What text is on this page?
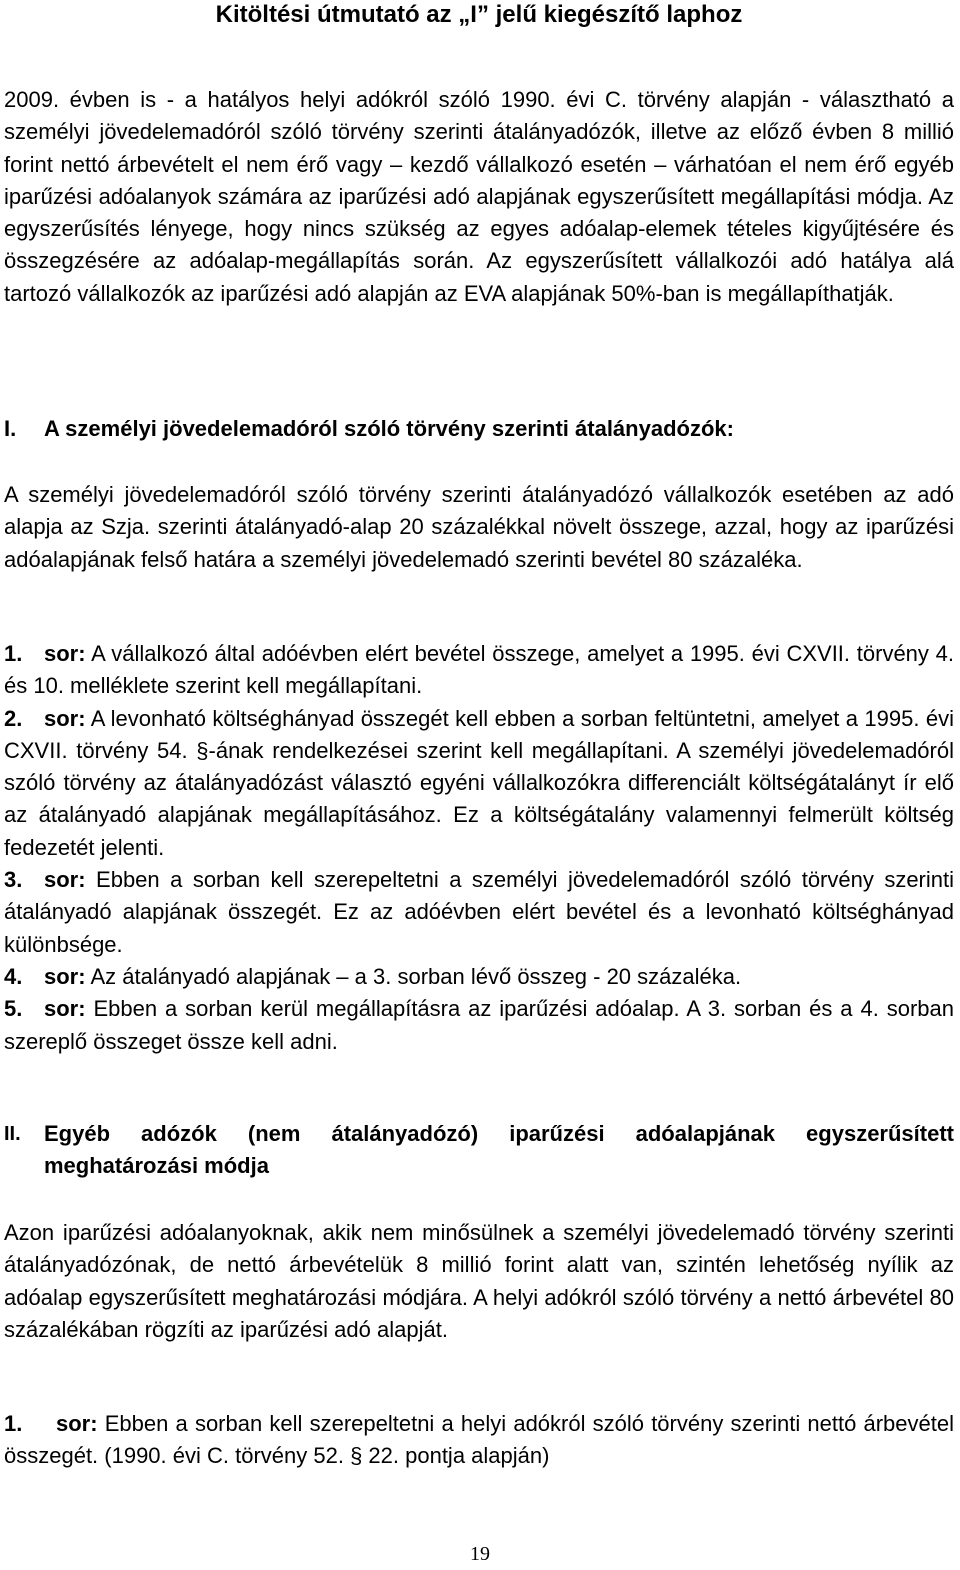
Kitöltési útmutató az „I” jelű kiegészítő laphoz

2009. évben is - a hatályos helyi adókról szóló 1990. évi C. törvény alapján - választható a személyi jövedelemadóról szóló törvény szerinti átalányadózók, illetve az előző évben 8 millió forint nettó árbevételt el nem érő vagy – kezdő vállalkozó esetén – várhatóan el nem érő egyéb iparűzési adóalanyok számára az iparűzési adó alapjának egyszerűsített megállapítási módja. Az egyszerűsítés lényege, hogy nincs szükség az egyes adóalap-elemek tételes kigyűjtésére és összegzésére az adóalap-megállapítás során. Az egyszerűsített vállalkozói adó hatálya alá tartozó vállalkozók az iparűzési adó alapján az EVA alapjának 50%-ban is megállapíthatják.

I. A személyi jövedelemadóról szóló törvény szerinti átalányadózók:

A személyi jövedelemadóról szóló törvény szerinti átalányadózó vállalkozók esetében az adó alapja az Szja. szerinti átalányadó-alap 20 százalékkal növelt összege, azzal, hogy az iparűzési adóalapjának felső határa a személyi jövedelemadó szerinti bevétel 80 százaléka.

1. sor: A vállalkozó által adóévben elért bevétel összege, amelyet a 1995. évi CXVII. törvény 4. és 10. melléklete szerint kell megállapítani.

2. sor: A levonható költséghányad összegét kell ebben a sorban feltüntetni, amelyet a 1995. évi CXVII. törvény 54. §-ának rendelkezései szerint kell megállapítani. A személyi jövedelemadóról szóló törvény az átalányadózást választó egyéni vállalkozókra differenciált költségátalányt ír elő az átalányadó alapjának megállapításához. Ez a költségátalány valamennyi felmerült költség fedezetét jelenti.

3. sor: Ebben a sorban kell szerepeltetni a személyi jövedelemadóról szóló törvény szerinti átalányadó alapjának összegét. Ez az adóévben elért bevétel és a levonható költséghányad különbsége.

4. sor: Az átalányadó alapjának – a 3. sorban lévő összeg - 20 százaléka.

5. sor: Ebben a sorban kerül megállapításra az iparűzési adóalap. A 3. sorban és a 4. sorban szereplő összeget össze kell adni.

II.	Egyéb adózók (nem átalányadózó) iparűzési adóalapjának egyszerűsített meghatározási módja

Azon iparűzési adóalanyoknak, akik nem minősülnek a személyi jövedelemadó törvény szerinti átalányadózónak, de nettó árbevételük 8 millió forint alatt van, szintén lehetőség nyílik az adóalap egyszerűsített meghatározási módjára. A helyi adókról szóló törvény a nettó árbevétel 80 százalékában rögzíti az iparűzési adó alapját.

1. sor: Ebben a sorban kell szerepeltetni a helyi adókról szóló törvény szerinti nettó árbevétel összegét. (1990. évi C. törvény 52. § 22. pontja alapján)

19
